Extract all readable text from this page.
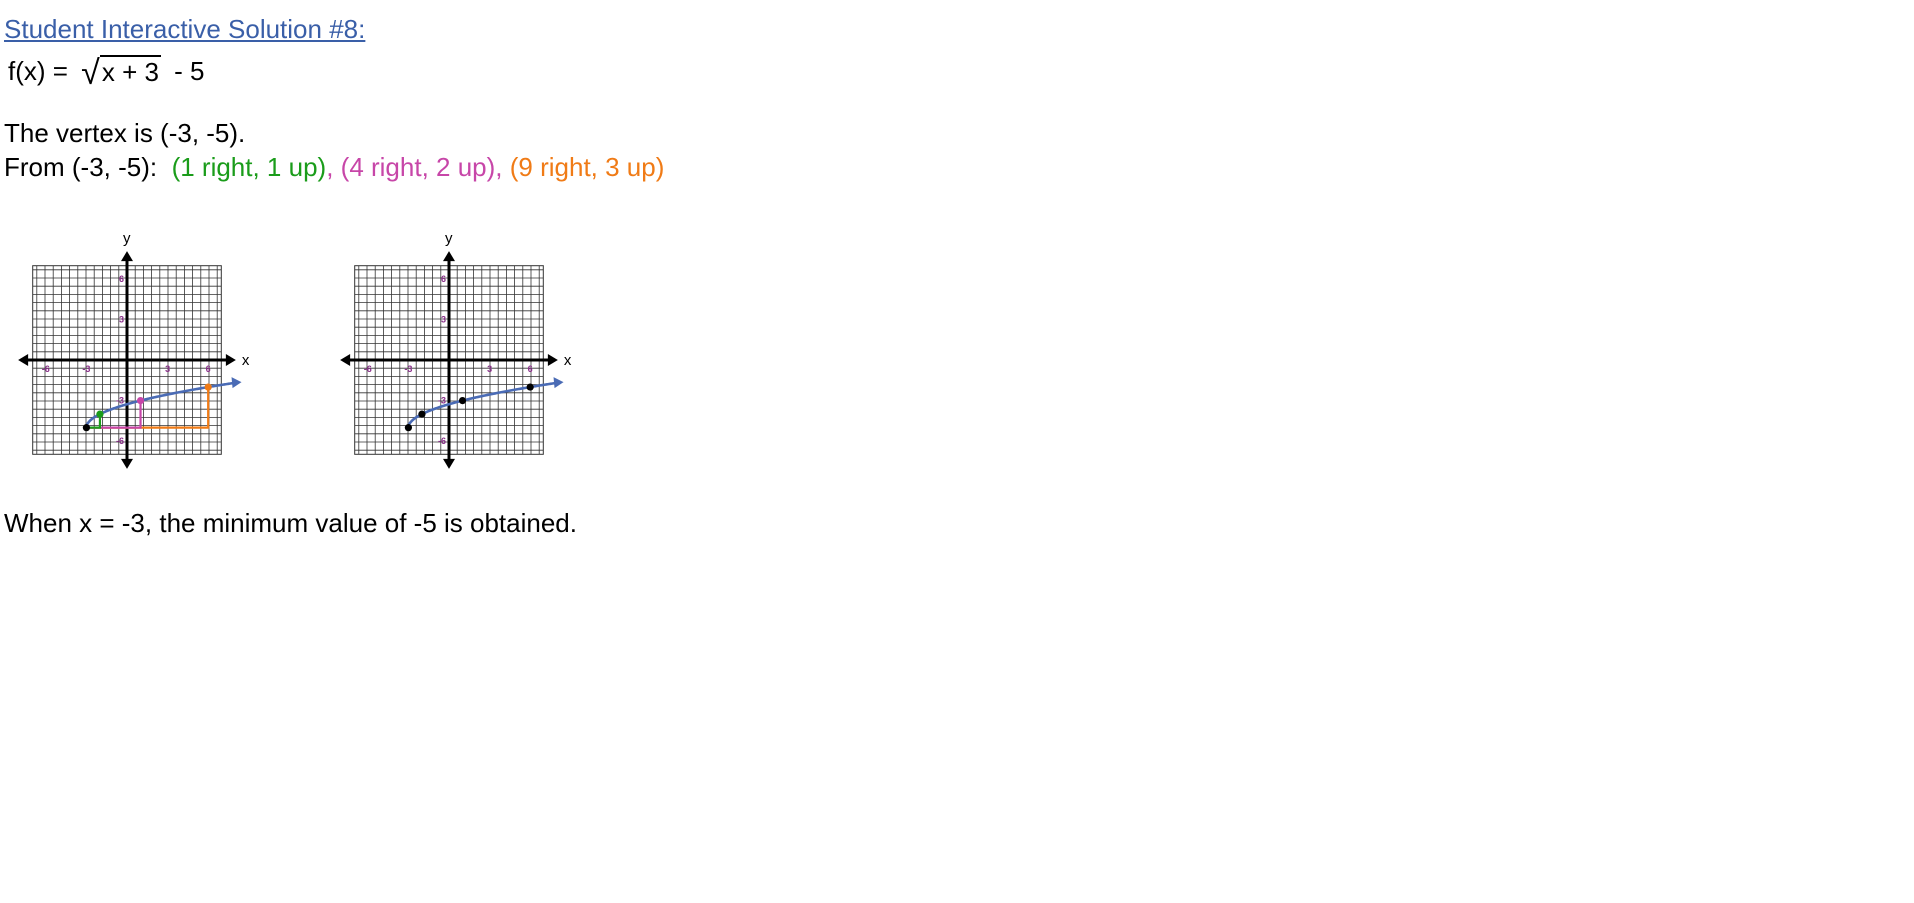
Student Interactive Solution #8:
f(x) = √ x + 3 - 5
The vertex is (-3, -5).
From (-3, -5):  (1 right, 1 up), (4 right, 2 up), (9 right, 3 up)
x
y
-6	-3	3	6
6
3
-3
-6
x
y
-6	-3	3	6
6
3
-3
-6
When x = -3, the minimum value of -5 is obtained.
